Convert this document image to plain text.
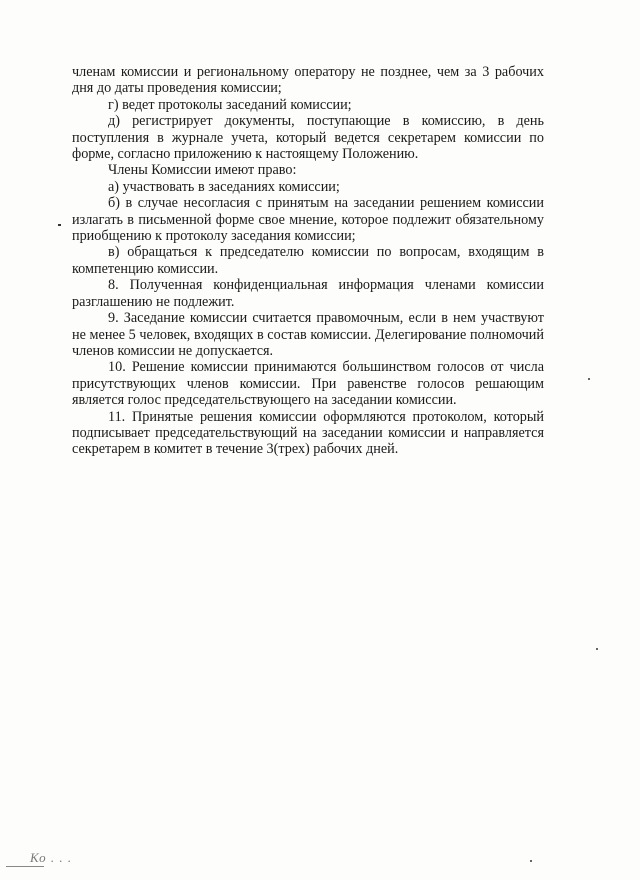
членам комиссии и региональному оператору не позднее, чем за 3 рабочих дня до даты проведения комиссии;

г) ведет протоколы заседаний комиссии;

д) регистрирует документы, поступающие в комиссию, в день поступления в журнале учета, который ведется секретарем комиссии по форме, согласно приложению к настоящему Положению.

Члены Комиссии имеют право:

а) участвовать в заседаниях комиссии;

б) в случае несогласия с принятым на заседании решением комиссии излагать в письменной форме свое мнение, которое подлежит обязательному приобщению к протоколу заседания комиссии;

в) обращаться к председателю комиссии по вопросам, входящим в компетенцию комиссии.

8. Полученная конфиденциальная информация членами комиссии разглашению не подлежит.

9. Заседание комиссии считается правомочным, если в нем участвуют не менее 5 человек, входящих в состав комиссии. Делегирование полномочий членов комиссии не допускается.

10. Решение комиссии принимаются большинством голосов от числа присутствующих членов комиссии. При равенстве голосов решающим является голос председательствующего на заседании комиссии.

11. Принятые решения комиссии оформляются протоколом, который подписывает председательствующий на заседании комиссии и направляется секретарем в комитет в течение 3(трех) рабочих дней.

Ко . . .
